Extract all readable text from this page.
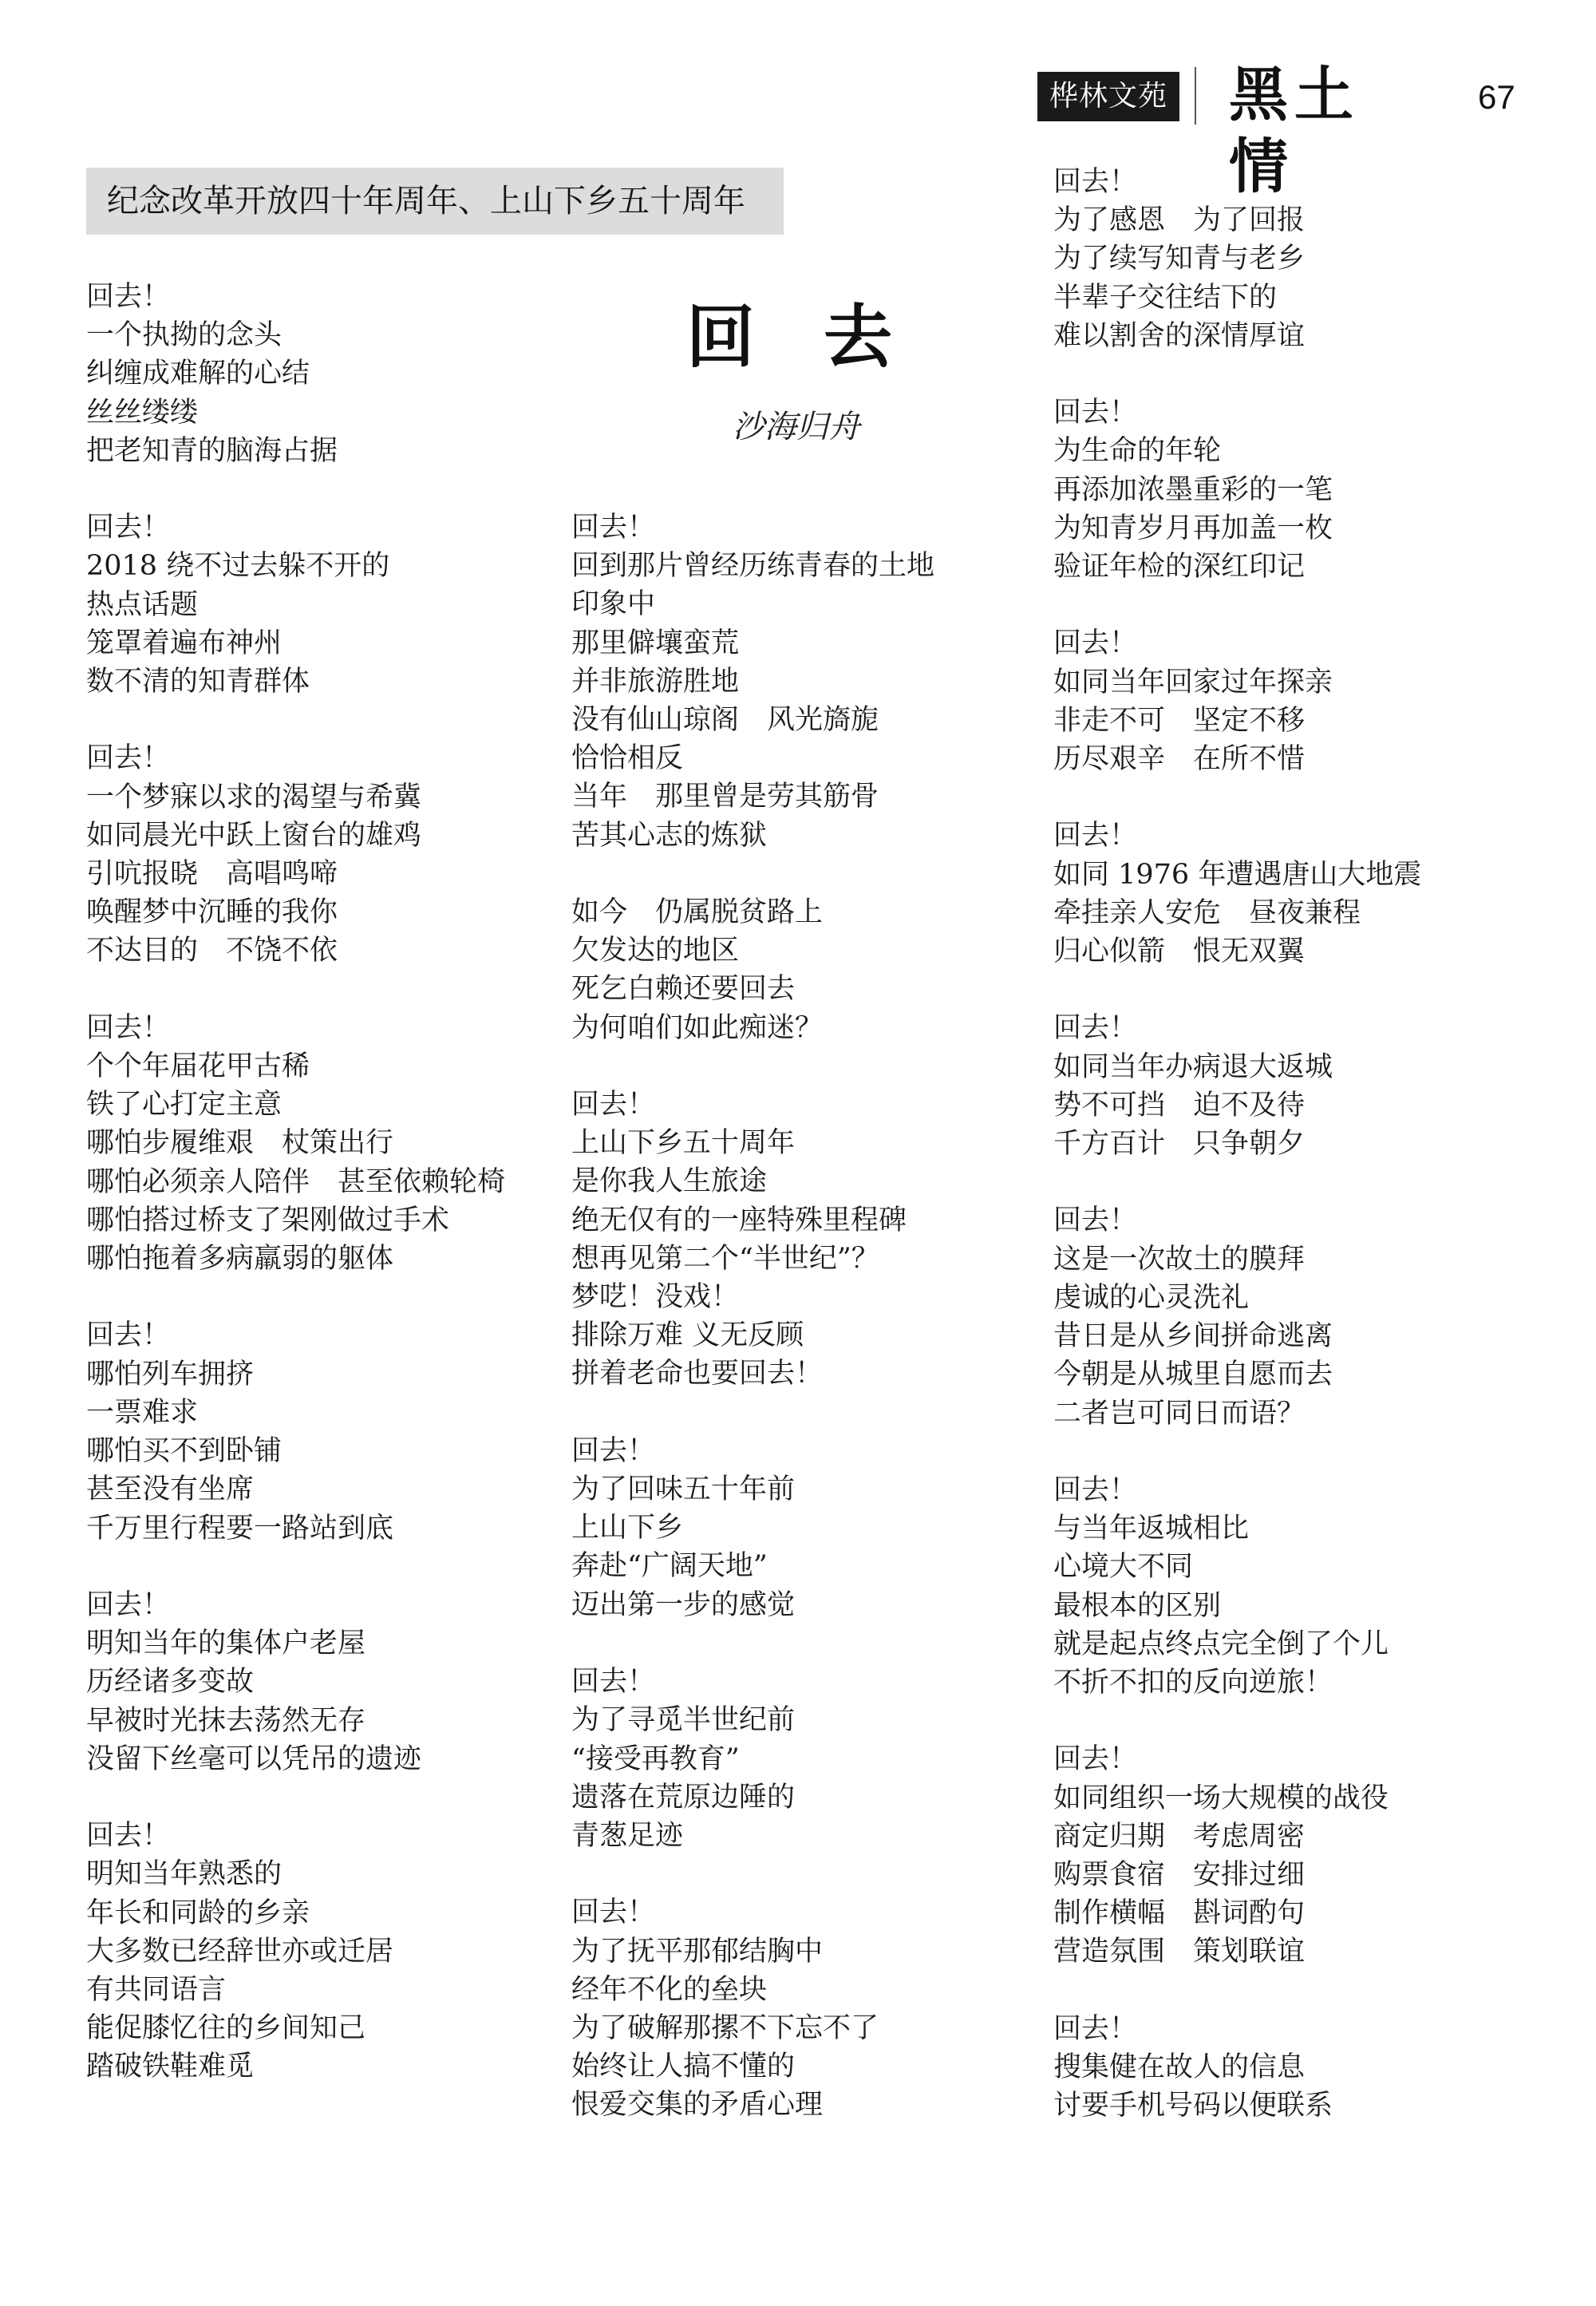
桦林文苑 黑土情
67
纪念改革开放四十年周年、上山下乡五十周年
回　去
沙海归舟
回去！
一个执拗的念头
纠缠成难解的心结
丝丝缕缕
把老知青的脑海占据

回去！
2018 绕不过去躲不开的
热点话题
笼罩着遍布神州
数不清的知青群体

回去！
一个梦寐以求的渴望与希冀
如同晨光中跃上窗台的雄鸡
引吭报晓　高唱鸣啼
唤醒梦中沉睡的我你
不达目的　不饶不依

回去！
个个年届花甲古稀
铁了心打定主意
哪怕步履维艰　杖策出行
哪怕必须亲人陪伴　甚至依赖轮椅
哪怕搭过桥支了架刚做过手术
哪怕拖着多病羸弱的躯体

回去！
哪怕列车拥挤
一票难求
哪怕买不到卧铺
甚至没有坐席
千万里行程要一路站到底

回去！
明知当年的集体户老屋
历经诸多变故
早被时光抹去荡然无存
没留下丝毫可以凭吊的遗迹

回去！
明知当年熟悉的
年长和同龄的乡亲
大多数已经辞世亦或迁居
有共同语言
能促膝忆往的乡间知己
踏破铁鞋难觅
回去！
回到那片曾经历练青春的土地
印象中
那里僻壤蛮荒
并非旅游胜地
没有仙山琼阁　风光旖旎
恰恰相反
当年　那里曾是劳其筋骨
苦其心志的炼狱

如今　仍属脱贫路上
欠发达的地区
死乞白赖还要回去
为何咱们如此痴迷？

回去！
上山下乡五十周年
是你我人生旅途
绝无仅有的一座特殊里程碑
想再见第二个“半世纪”？
梦呓！没戏！
排除万难 义无反顾
拼着老命也要回去！

回去！
为了回味五十年前
上山下乡
奔赴“广阔天地”
迈出第一步的感觉

回去！
为了寻觅半世纪前
“接受再教育”
遗落在荒原边陲的
青葱足迹

回去！
为了抚平那郁结胸中
经年不化的垒块
为了破解那摞不下忘不了
始终让人搞不懂的
恨爱交集的矛盾心理
回去！
为了感恩　为了回报
为了续写知青与老乡
半辈子交往结下的
难以割舍的深情厚谊

回去！
为生命的年轮
再添加浓墨重彩的一笔
为知青岁月再加盖一枚
验证年检的深红印记

回去！
如同当年回家过年探亲
非走不可　坚定不移
历尽艰辛　在所不惜

回去！
如同 1976 年遭遇唐山大地震
牵挂亲人安危　昼夜兼程
归心似箭　恨无双翼

回去！
如同当年办病退大返城
势不可挡　迫不及待
千方百计　只争朝夕

回去！
这是一次故土的膜拜
虔诚的心灵洗礼
昔日是从乡间拼命逃离
今朝是从城里自愿而去
二者岂可同日而语？

回去！
与当年返城相比
心境大不同
最根本的区别
就是起点终点完全倒了个儿
不折不扣的反向逆旅！

回去！
如同组织一场大规模的战役
商定归期　考虑周密
购票食宿　安排过细
制作横幅　斟词酌句
营造氛围　策划联谊

回去！
搜集健在故人的信息
讨要手机号码以便联系
